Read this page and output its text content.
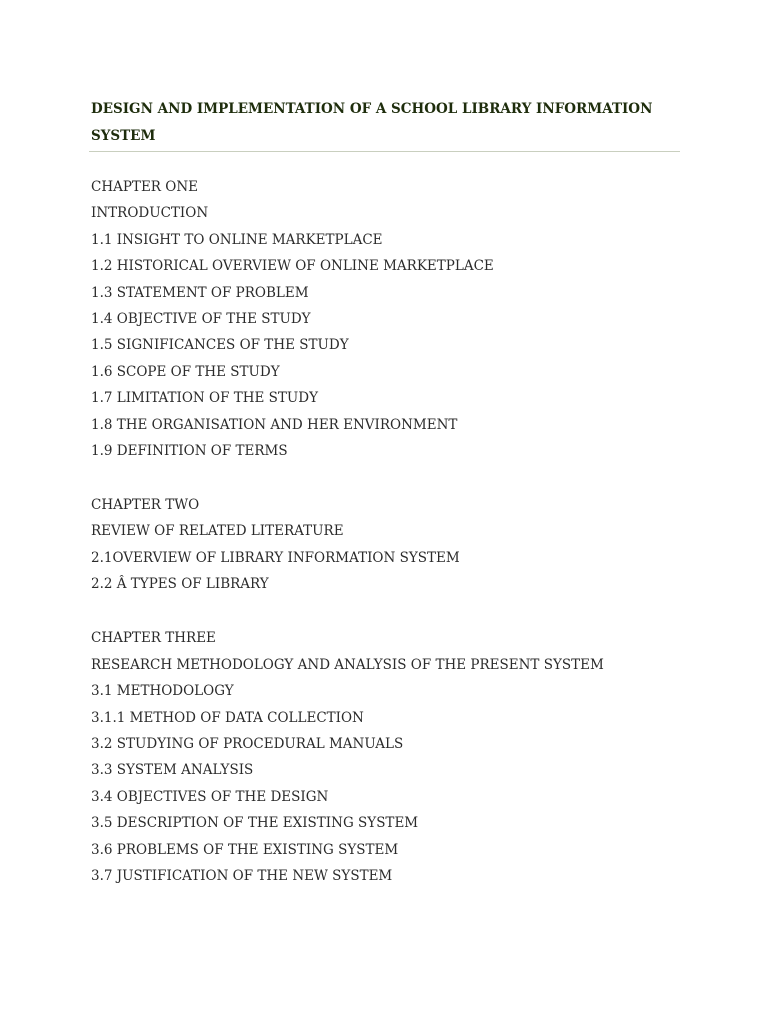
DESIGN AND IMPLEMENTATION OF A SCHOOL LIBRARY INFORMATION SYSTEM
CHAPTER ONE
INTRODUCTION
1.1 INSIGHT TO ONLINE MARKETPLACE
1.2 HISTORICAL OVERVIEW OF ONLINE MARKETPLACE
1.3 STATEMENT OF PROBLEM
1.4 OBJECTIVE OF THE STUDY
1.5 SIGNIFICANCES OF THE STUDY
1.6 SCOPE OF THE STUDY
1.7 LIMITATION OF THE STUDY
1.8 THE ORGANISATION AND HER ENVIRONMENT
1.9 DEFINITION OF TERMS
CHAPTER TWO
REVIEW OF RELATED LITERATURE
2.1OVERVIEW OF LIBRARY INFORMATION SYSTEM
2.2 Â TYPES OF LIBRARY
CHAPTER THREE
RESEARCH METHODOLOGY AND ANALYSIS OF THE PRESENT SYSTEM
3.1 METHODOLOGY
3.1.1 METHOD OF DATA COLLECTION
3.2 STUDYING OF PROCEDURAL MANUALS
3.3 SYSTEM ANALYSIS
3.4 OBJECTIVES OF THE DESIGN
3.5 DESCRIPTION OF THE EXISTING SYSTEM
3.6 PROBLEMS OF THE EXISTING SYSTEM
3.7 JUSTIFICATION OF THE NEW SYSTEM
